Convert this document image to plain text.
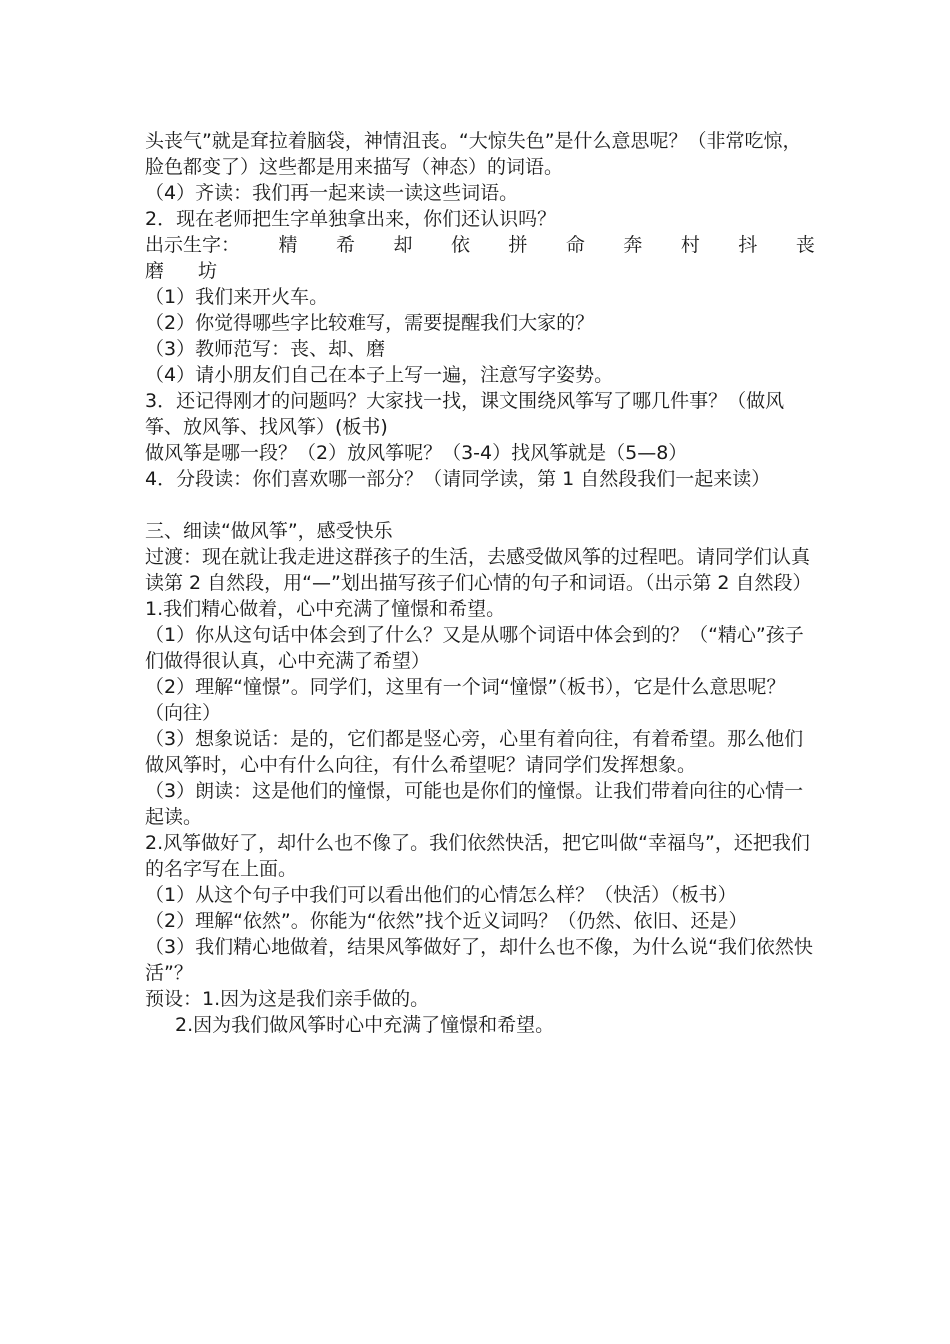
头丧气”就是耷拉着脑袋，神情沮丧。“大惊失色”是什么意思呢？（非常吃惊，脸色都变了）这些都是用来描写（神态）的词语。

（4）齐读：我们再一起来读一读这些词语。

2．现在老师把生字单独拿出来，你们还认识吗？

出示生字： 精 希 却 依 拼 命 奔 村 抖 丧
磨 坊

（1）我们来开火车。

（2）你觉得哪些字比较难写，需要提醒我们大家的？

（3）教师范写：丧、却、磨

（4）请小朋友们自己在本子上写一遍，注意写字姿势。

3．还记得刚才的问题吗？大家找一找，课文围绕风筝写了哪几件事？（做风筝、放风筝、找风筝）(板书)

做风筝是哪一段？（2）放风筝呢？（3-4）找风筝就是（5—8）

4．分段读：你们喜欢哪一部分？（请同学读，第 1 自然段我们一起来读）

三、细读“做风筝”，感受快乐

过渡：现在就让我走进这群孩子的生活，去感受做风筝的过程吧。请同学们认真读第 2 自然段，用“—”划出描写孩子们心情的句子和词语。（出示第 2 自然段）

1.我们精心做着，心中充满了憧憬和希望。

（1）你从这句话中体会到了什么？又是从哪个词语中体会到的？（“精心”孩子们做得很认真，心中充满了希望）

（2）理解“憧憬”。同学们，这里有一个词“憧憬”（板书），它是什么意思呢？（向往）

（3）想象说话：是的，它们都是竖心旁，心里有着向往，有着希望。那么他们做风筝时，心中有什么向往，有什么希望呢？请同学们发挥想象。

（3）朗读：这是他们的憧憬，可能也是你们的憧憬。让我们带着向往的心情一起读。

2.风筝做好了，却什么也不像了。我们依然快活，把它叫做“幸福鸟”，还把我们的名字写在上面。

（1）从这个句子中我们可以看出他们的心情怎么样？（快活）（板书）

（2）理解“依然”。你能为“依然”找个近义词吗？（仍然、依旧、还是）

（3）我们精心地做着，结果风筝做好了，却什么也不像，为什么说“我们依然快活”？

预设：1.因为这是我们亲手做的。

2.因为我们做风筝时心中充满了憧憬和希望。
